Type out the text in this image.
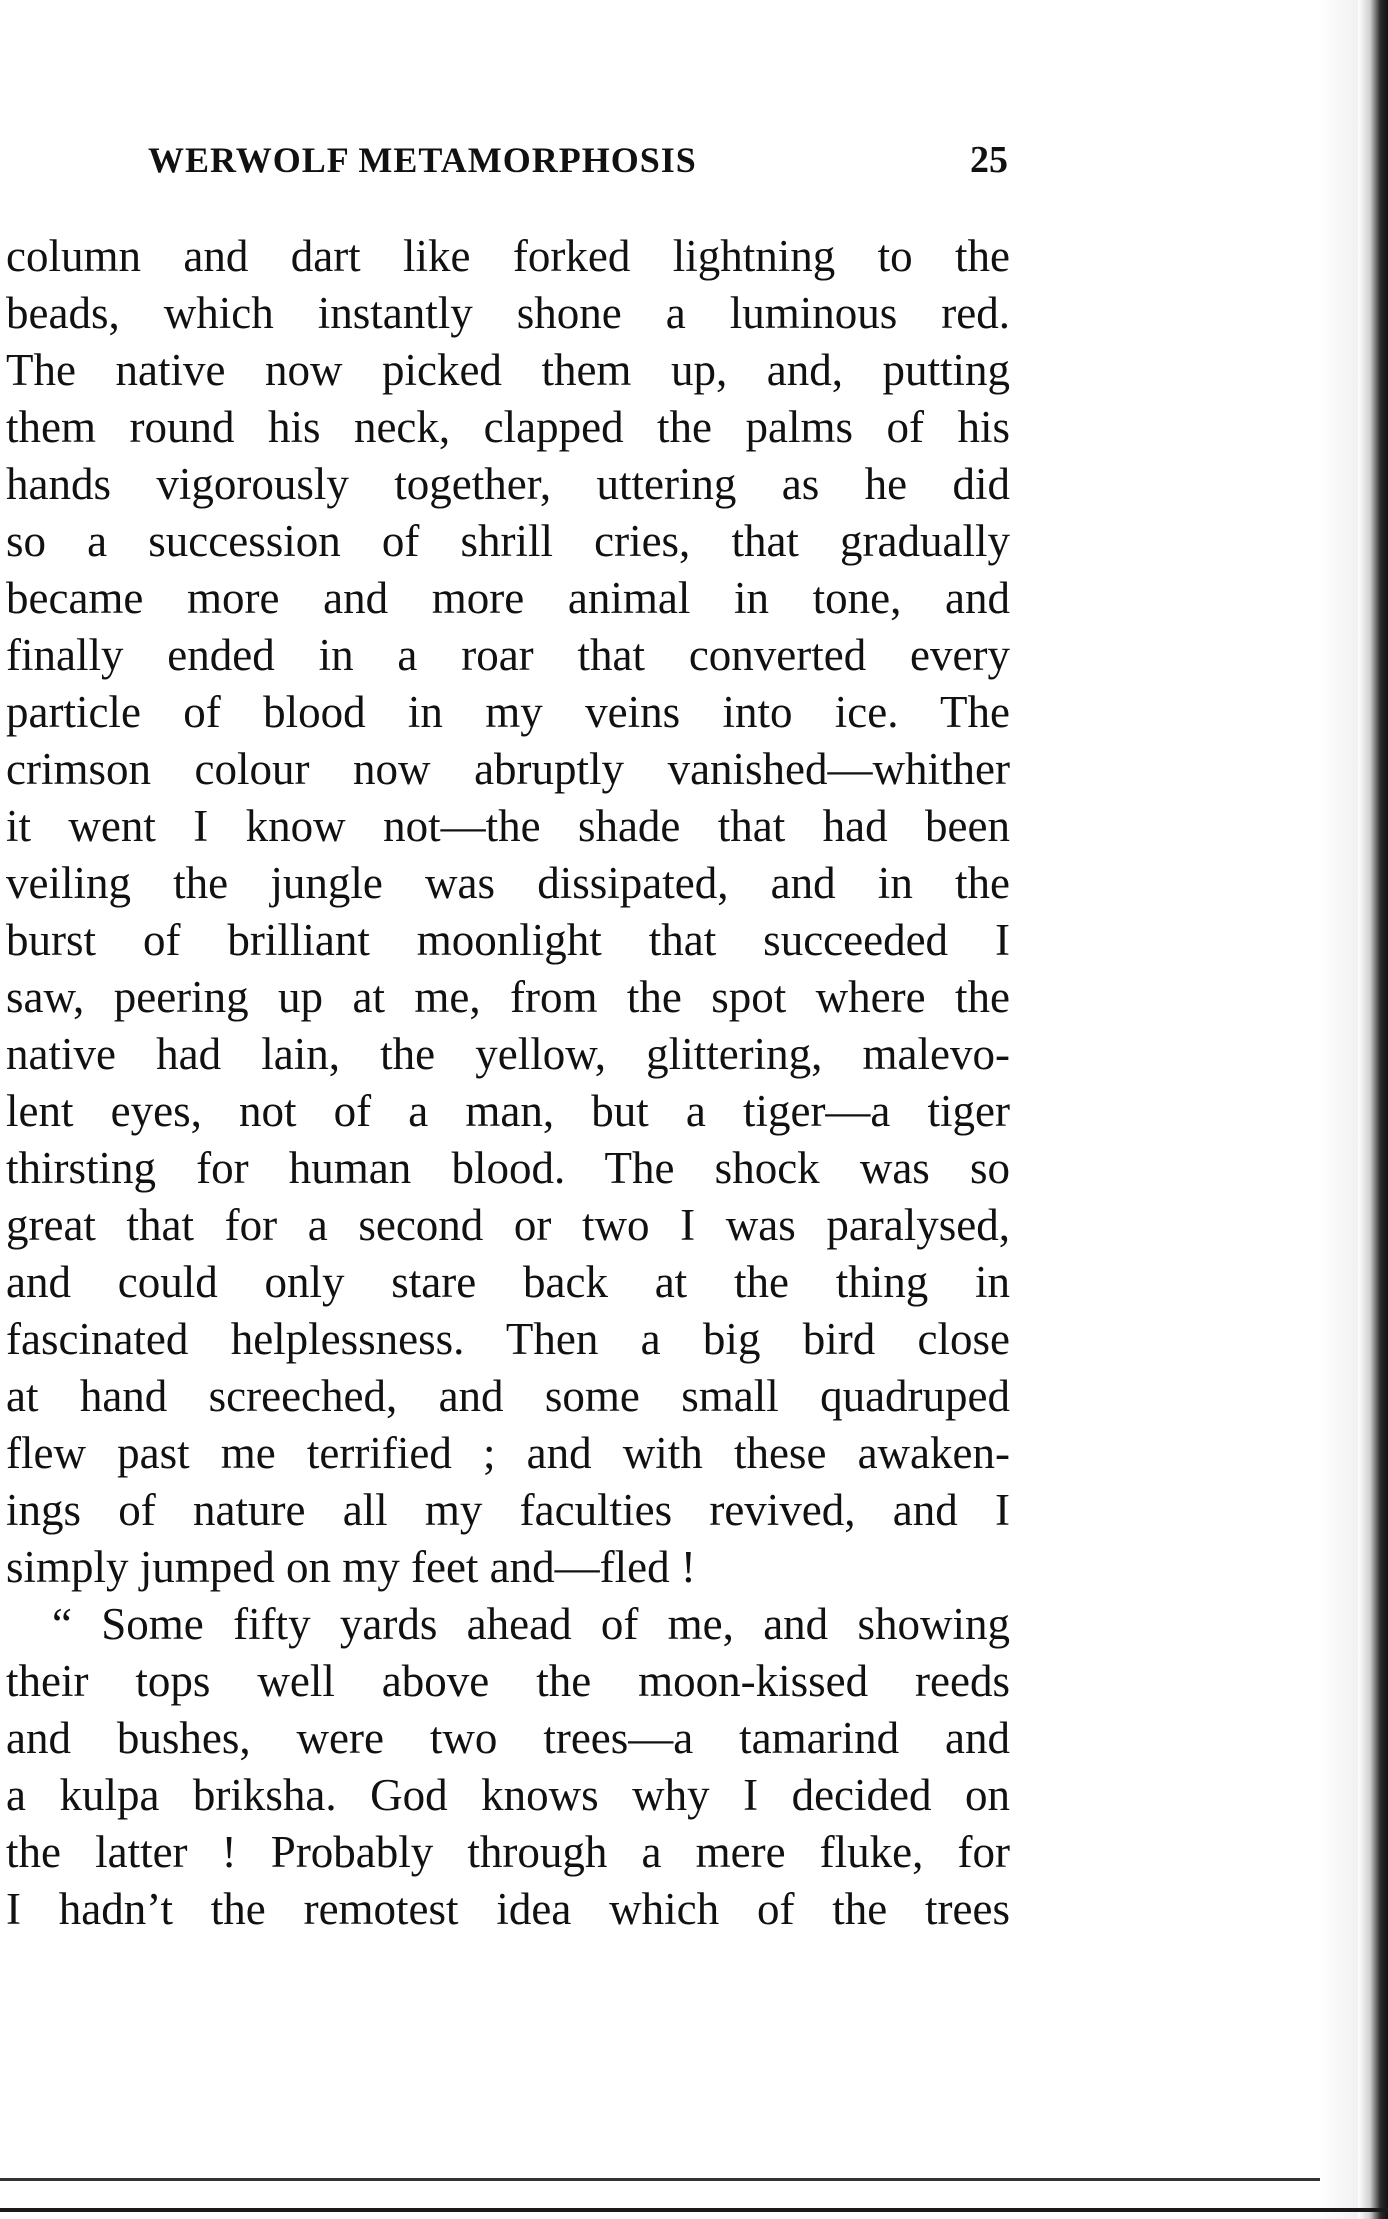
WERWOLF METAMORPHOSIS	25
column and dart like forked lightning to the
beads, which instantly shone a luminous red.
The native now picked them up, and, putting
them round his neck, clapped the palms of his
hands vigorously together, uttering as he did
so a succession of shrill cries, that gradually
became more and more animal in tone, and
finally ended in a roar that converted every
particle of blood in my veins into ice. The
crimson colour now abruptly vanished—whither
it went I know not—the shade that had been
veiling the jungle was dissipated, and in the
burst of brilliant moonlight that succeeded I
saw, peering up at me, from the spot where the
native had lain, the yellow, glittering, malevo-
lent eyes, not of a man, but a tiger—a tiger
thirsting for human blood. The shock was so
great that for a second or two I was paralysed,
and could only stare back at the thing in
fascinated helplessness. Then a big bird close
at hand screeched, and some small quadruped
flew past me terrified ; and with these awaken-
ings of nature all my faculties revived, and I
simply jumped on my feet and—fled !
“ Some fifty yards ahead of me, and showing
their tops well above the moon-kissed reeds
and bushes, were two trees—a tamarind and
a kulpa briksha. God knows why I decided on
the latter ! Probably through a mere fluke, for
I hadn’t the remotest idea which of the trees
